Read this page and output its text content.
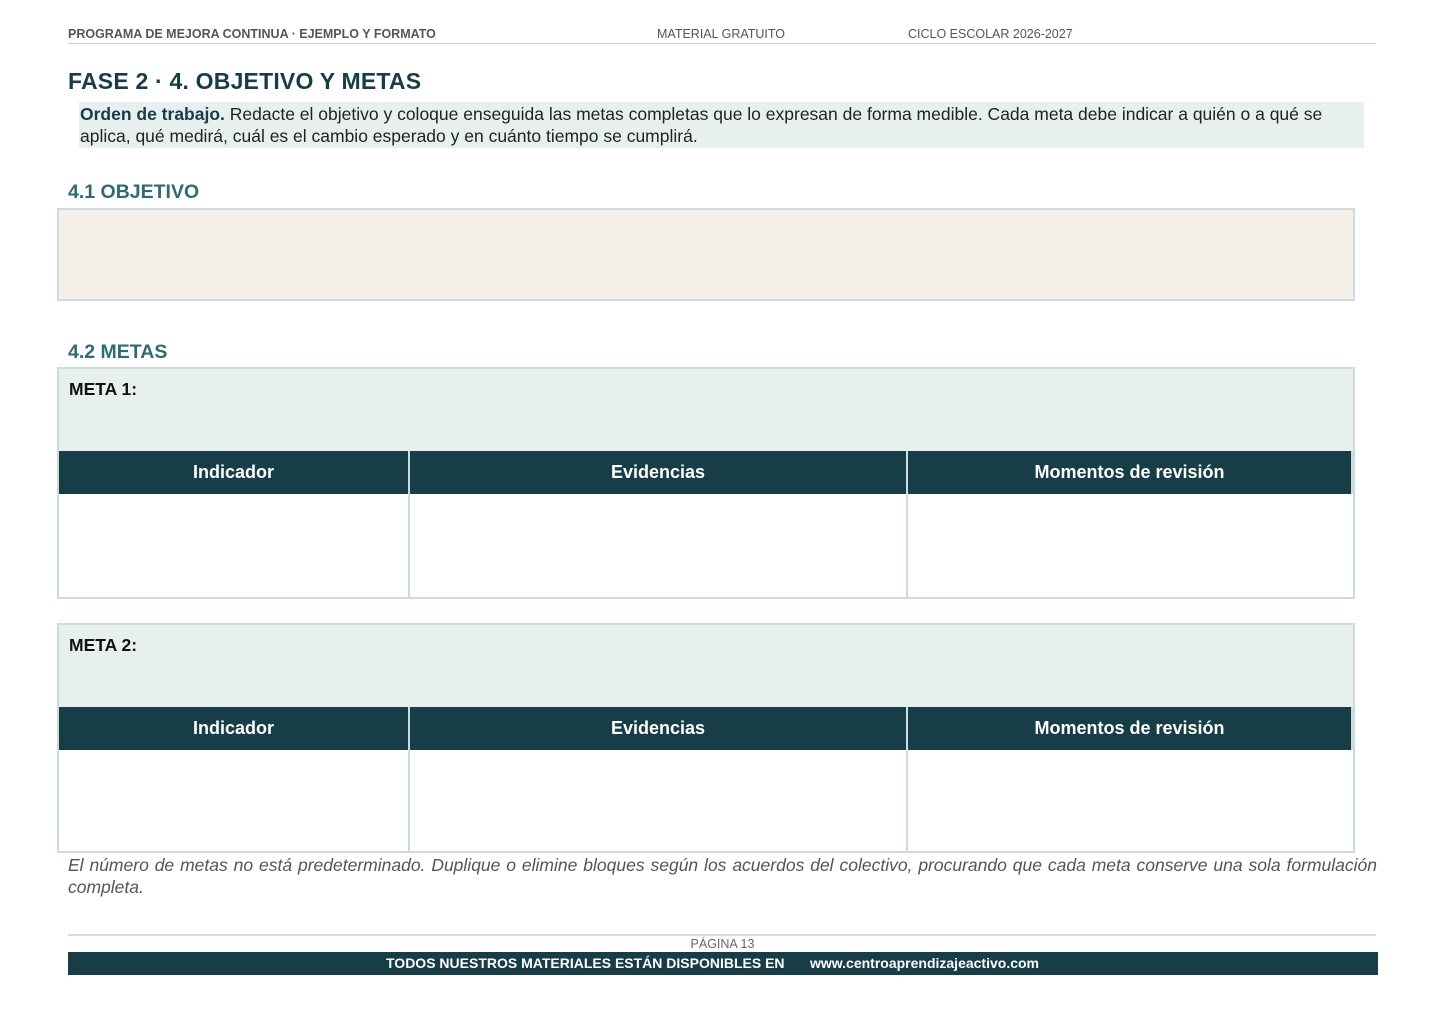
PROGRAMA DE MEJORA CONTINUA · EJEMPLO Y FORMATO	MATERIAL GRATUITO	CICLO ESCOLAR 2026-2027
FASE 2 · 4. OBJETIVO Y METAS
Orden de trabajo. Redacte el objetivo y coloque enseguida las metas completas que lo expresan de forma medible. Cada meta debe indicar a quién o a qué se aplica, qué medirá, cuál es el cambio esperado y en cuánto tiempo se cumplirá.
4.1 OBJETIVO
4.2 METAS
META 1:
Indicador	Evidencias	Momentos de revisión
META 2:
Indicador	Evidencias	Momentos de revisión

El número de metas no está predeterminado. Duplique o elimine bloques según los acuerdos del colectivo, procurando que cada meta conserve una sola formulación completa.

PÁGINA 13
TODOS NUESTROS MATERIALES ESTÁN DISPONIBLES EN www.centroaprendizajeactivo.com
